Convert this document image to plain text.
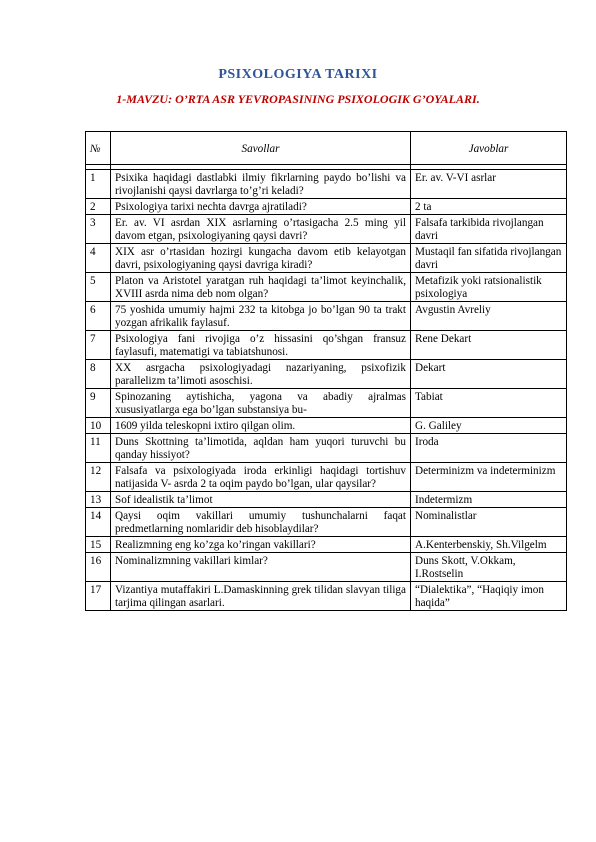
PSIXOLOGIYA TARIXI
1-MAVZU: O’RTA ASR YEVROPASINING PSIXOLOGIK G’OYALARI.
№	Savollar	Javoblar

1	Psixika haqidagi dastlabki ilmiy fikrlarning paydo bo’lishi va rivojlanishi qaysi davrlarga to’g’ri keladi?	Er. av. V-VI asrlar
2	Psixologiya tarixi nechta davrga ajratiladi?	2 ta
3	Er. av. VI asrdan XIX asrlarning o’rtasigacha 2.5 ming yil davom etgan, psixologiyaning qaysi davri?	Falsafa tarkibida rivojlangan davri
4	XIX asr o’rtasidan hozirgi kungacha davom etib kelayotgan davri, psixologiyaning qaysi davriga kiradi?	Mustaqil fan sifatida rivojlangan davri
5	Platon va Aristotel yaratgan ruh haqidagi ta’limot keyinchalik, XVIII asrda nima deb nom olgan?	Metafizik yoki ratsionalistik psixologiya
6	75 yoshida umumiy hajmi 232 ta kitobga jo bo’lgan 90 ta trakt yozgan afrikalik faylasuf.	Avgustin Avreliy
7	Psixologiya fani rivojiga o’z hissasini qo’shgan fransuz faylasufi, matematigi va tabiatshunosi.	Rene Dekart
8	XX asrgacha psixologiyadagi nazariyaning, psixofizik parallelizm ta’limoti asoschisi.	Dekart
9	Spinozaning aytishicha, yagona va abadiy ajralmas xususiyatlarga ega bo’lgan substansiya bu-	Tabiat
10	1609 yilda teleskopni ixtiro qilgan olim.	G. Galiley
11	Duns Skottning ta’limotida, aqldan ham yuqori turuvchi bu qanday hissiyot?	Iroda
12	Falsafa va psixologiyada iroda erkinligi haqidagi tortishuv natijasida V- asrda 2 ta oqim paydo bo’lgan, ular qaysilar?	Determinizm va indeterminizm
13	Sof idealistik ta’limot	Indetermizm
14	Qaysi oqim vakillari umumiy tushunchalarni faqat predmetlarning nomlaridir deb hisoblaydilar?	Nominalistlar
15	Realizmning eng ko’zga ko’ringan vakillari?	A.Kenterbenskiy, Sh.Vilgelm
16	Nominalizmning vakillari kimlar?	Duns Skott, V.Okkam, I.Rostselin
17	Vizantiya mutaffakiri L.Damaskinning grek tilidan slavyan tiliga tarjima qilingan asarlari.	“Dialektika”, “Haqiqiy imon haqida”
